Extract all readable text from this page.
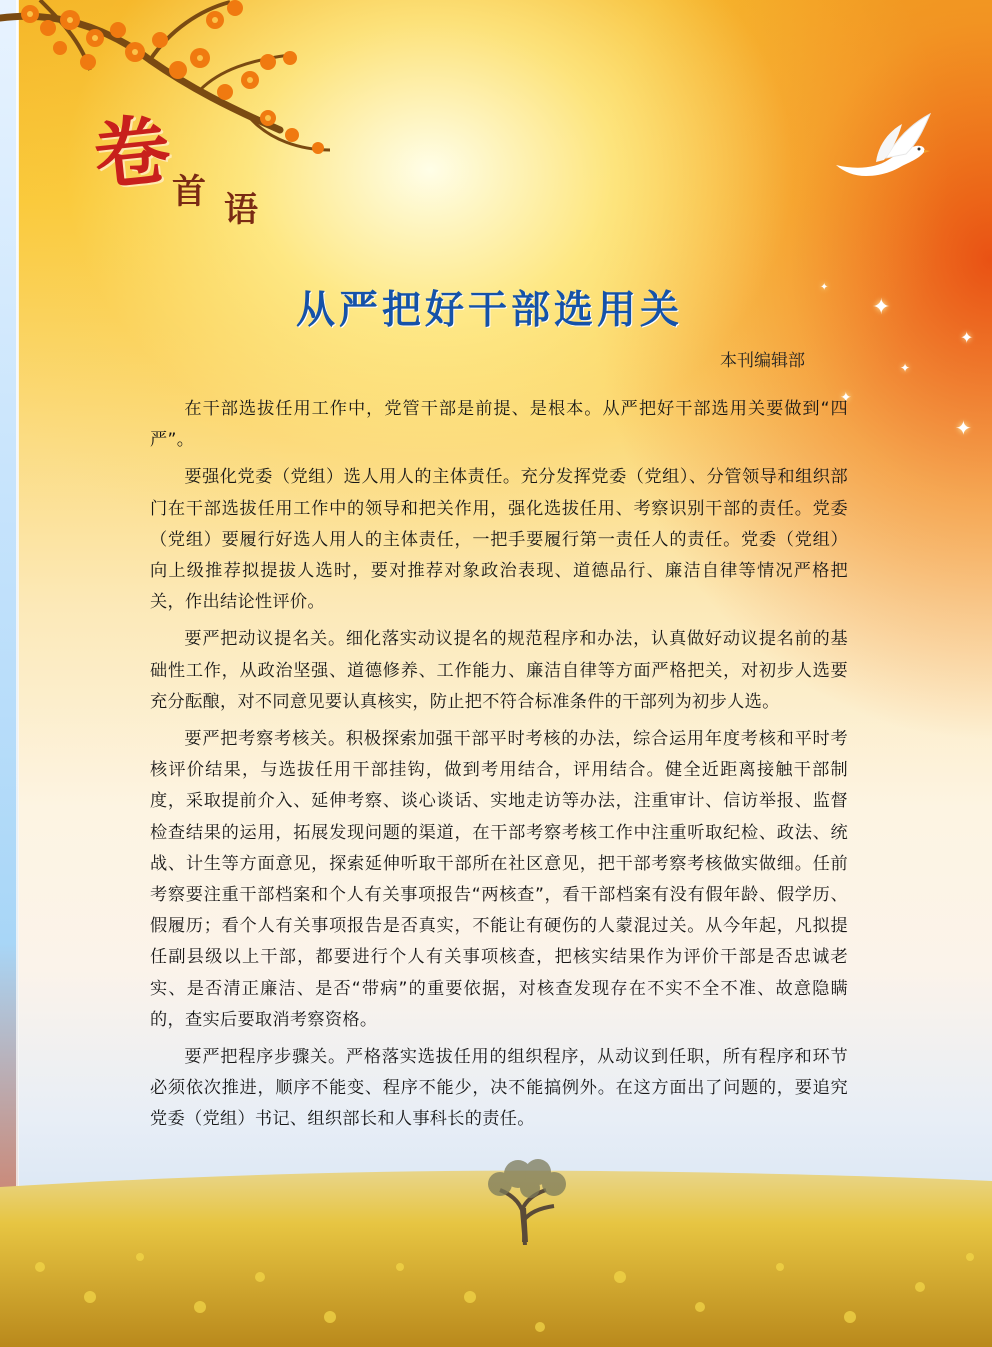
✦
✦
✦
✦
✦
✦
卷
首 语
从严把好干部选用关
本刊编辑部

在干部选拔任用工作中，党管干部是前提、是根本。从严把好干部选用关要做到“四严”。

要强化党委（党组）选人用人的主体责任。充分发挥党委（党组）、分管领导和组织部门在干部选拔任用工作中的领导和把关作用，强化选拔任用、考察识别干部的责任。党委（党组）要履行好选人用人的主体责任，一把手要履行第一责任人的责任。党委（党组）向上级推荐拟提拔人选时，要对推荐对象政治表现、道德品行、廉洁自律等情况严格把关，作出结论性评价。

要严把动议提名关。细化落实动议提名的规范程序和办法，认真做好动议提名前的基础性工作，从政治坚强、道德修养、工作能力、廉洁自律等方面严格把关，对初步人选要充分酝酿，对不同意见要认真核实，防止把不符合标准条件的干部列为初步人选。

要严把考察考核关。积极探索加强干部平时考核的办法，综合运用年度考核和平时考核评价结果，与选拔任用干部挂钩，做到考用结合，评用结合。健全近距离接触干部制度，采取提前介入、延伸考察、谈心谈话、实地走访等办法，注重审计、信访举报、监督检查结果的运用，拓展发现问题的渠道，在干部考察考核工作中注重听取纪检、政法、统战、计生等方面意见，探索延伸听取干部所在社区意见，把干部考察考核做实做细。任前考察要注重干部档案和个人有关事项报告“两核查”，看干部档案有没有假年龄、假学历、假履历；看个人有关事项报告是否真实，不能让有硬伤的人蒙混过关。从今年起，凡拟提任副县级以上干部，都要进行个人有关事项核查，把核实结果作为评价干部是否忠诚老实、是否清正廉洁、是否“带病”的重要依据，对核查发现存在不实不全不准、故意隐瞒的，查实后要取消考察资格。

要严把程序步骤关。严格落实选拔任用的组织程序，从动议到任职，所有程序和环节必须依次推进，顺序不能变、程序不能少，决不能搞例外。在这方面出了问题的，要追究党委（党组）书记、组织部长和人事科长的责任。
